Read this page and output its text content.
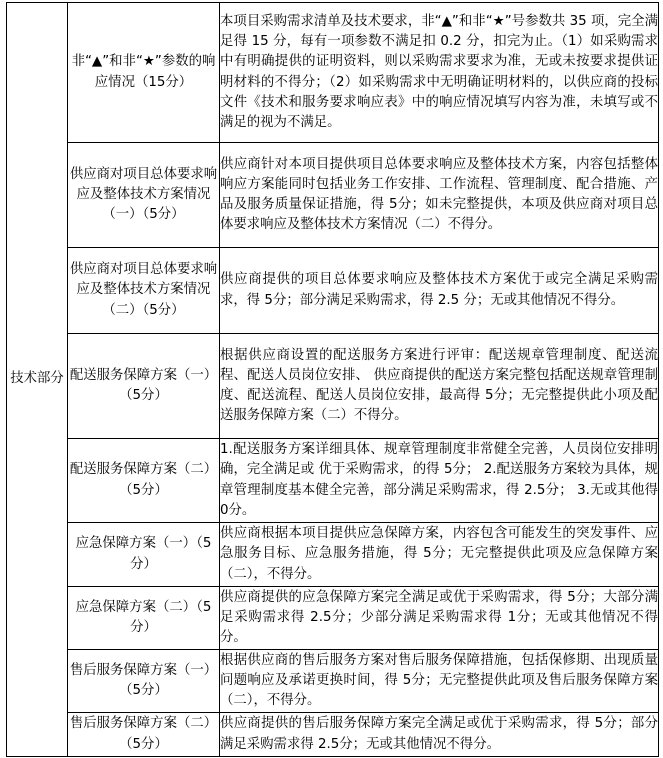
技术部分	非“▲”和非“★”参数的响应情况（15分）	本项目采购需求清单及技术要求，非“▲”和非“★”号参数共 35 项，完全满足得 15 分，每有一项参数不满足扣 0.2 分，扣完为止。（1）如采购需求中有明确提供的证明资料，则以采购需求要求为准，无或未按要求提供证明材料的不得分；（2）如采购需求中无明确证明材料的，以供应商的投标文件《技术和服务要求响应表》中的响应情况填写内容为准，未填写或不满足的视为不满足。

	供应商对项目总体要求响应及整体技术方案情况（一）（5分）	供应商针对本项目提供项目总体要求响应及整体技术方案，内容包括整体响应方案能同时包括业务工作安排、工作流程、管理制度、配合措施、产品及服务质量保证措施，得 5分；如未完整提供，本项及供应商对项目总体要求响应及整体技术方案情况（二）不得分。

	供应商对项目总体要求响应及整体技术方案情况（二）（5分）	供应商提供的项目总体要求响应及整体技术方案优于或完全满足采购需求，得 5分；部分满足采购需求，得 2.5 分；无或其他情况不得分。

	配送服务保障方案（一）（5分）	根据供应商设置的配送服务方案进行评审：配送规章管理制度、配送流程、配送人员岗位安排、 供应商提供的配送方案完整包括配送规章管理制度、配送流程、配送人员岗位安排，最高得 5分；无完整提供此小项及配送服务保障方案（二）不得分。

	配送服务保障方案（二）（5分）	1.配送服务方案详细具体、规章管理制度非常健全完善，人员岗位安排明确，完全满足或 优于采购需求，的得 5分； 2.配送服务方案较为具体，规章管理制度基本健全完善，部分满足采购需求，得 2.5分； 3.无或其他得 0分。

	应急保障方案（一）（5分）	供应商根据本项目提供应急保障方案，内容包含可能发生的突发事件、应急服务目标、应急服务措施，得 5分；无完整提供此项及应急保障方案（二），不得分。

	应急保障方案（二）（5分）	供应商提供的应急保障方案完全满足或优于采购需求，得 5分；大部分满足采购需求得 2.5分；少部分满足采购需求得 1分；无或其他情况不得分。

	售后服务保障方案（一）（5分）	根据供应商的售后服务方案对售后服务保障措施，包括保修期、出现质量问题响应及承诺更换时间，得 5分；无完整提供此项及售后服务保障方案 （二），不得分。

	售后服务保障方案（二）（5分）	供应商提供的售后服务保障方案完全满足或优于采购需求，得 5分；部分满足采购需求得 2.5分；无或其他情况不得分。
